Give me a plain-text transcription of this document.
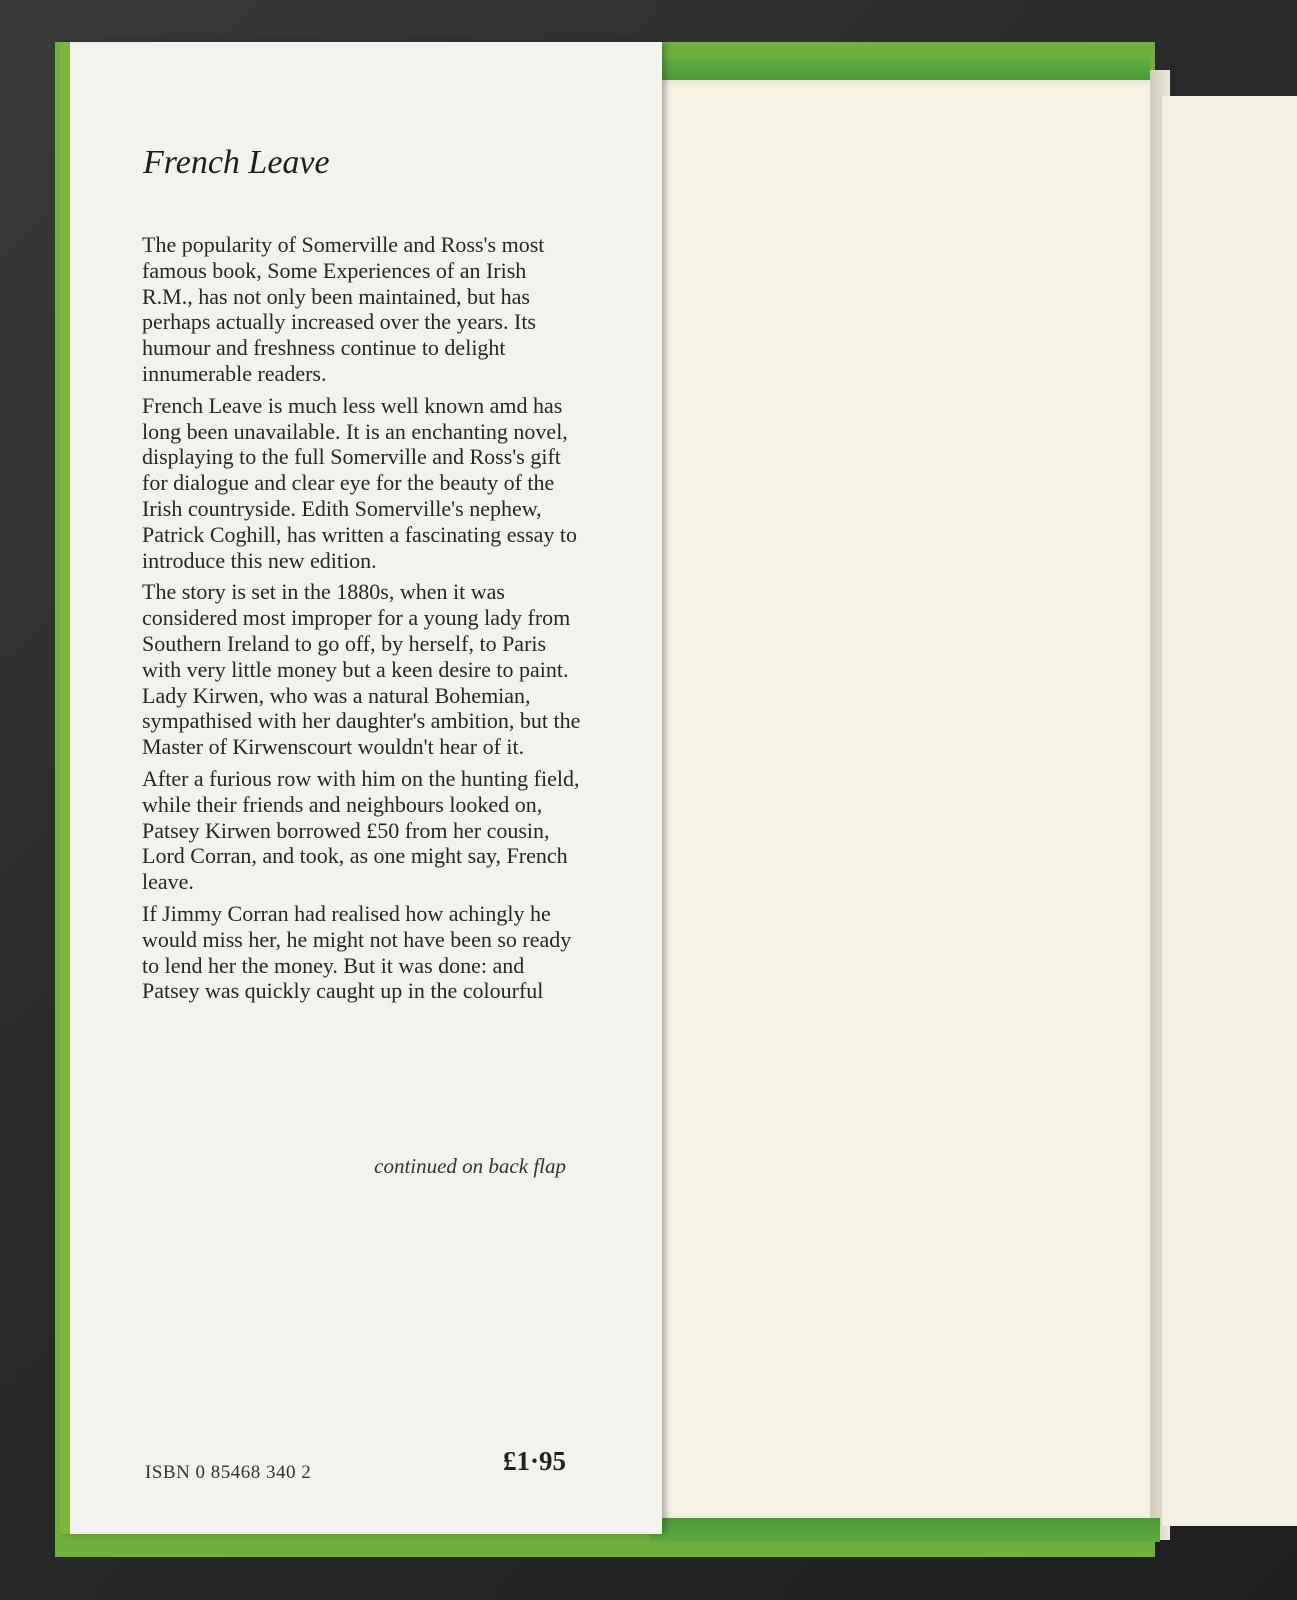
French Leave

The popularity of Somerville and Ross's most famous book, Some Experiences of an Irish R.M., has not only been maintained, but has perhaps actually increased over the years. Its humour and freshness continue to delight innumerable readers.

French Leave is much less well known amd has long been unavailable. It is an enchanting novel, displaying to the full Somerville and Ross's gift for dialogue and clear eye for the beauty of the Irish countryside. Edith Somerville's nephew, Patrick Coghill, has written a fascinating essay to introduce this new edition.

The story is set in the 1880s, when it was considered most improper for a young lady from Southern Ireland to go off, by herself, to Paris with very little money but a keen desire to paint. Lady Kirwen, who was a natural Bohemian, sympathised with her daughter's ambition, but the Master of Kirwenscourt wouldn't hear of it.

After a furious row with him on the hunting field, while their friends and neighbours looked on, Patsey Kirwen borrowed £50 from her cousin, Lord Corran, and took, as one might say, French leave.

If Jimmy Corran had realised how achingly he would miss her, he might not have been so ready to lend her the money. But it was done: and Patsey was quickly caught up in the colourful

continued on back flap
ISBN 0 85468 340 2	£1·95
